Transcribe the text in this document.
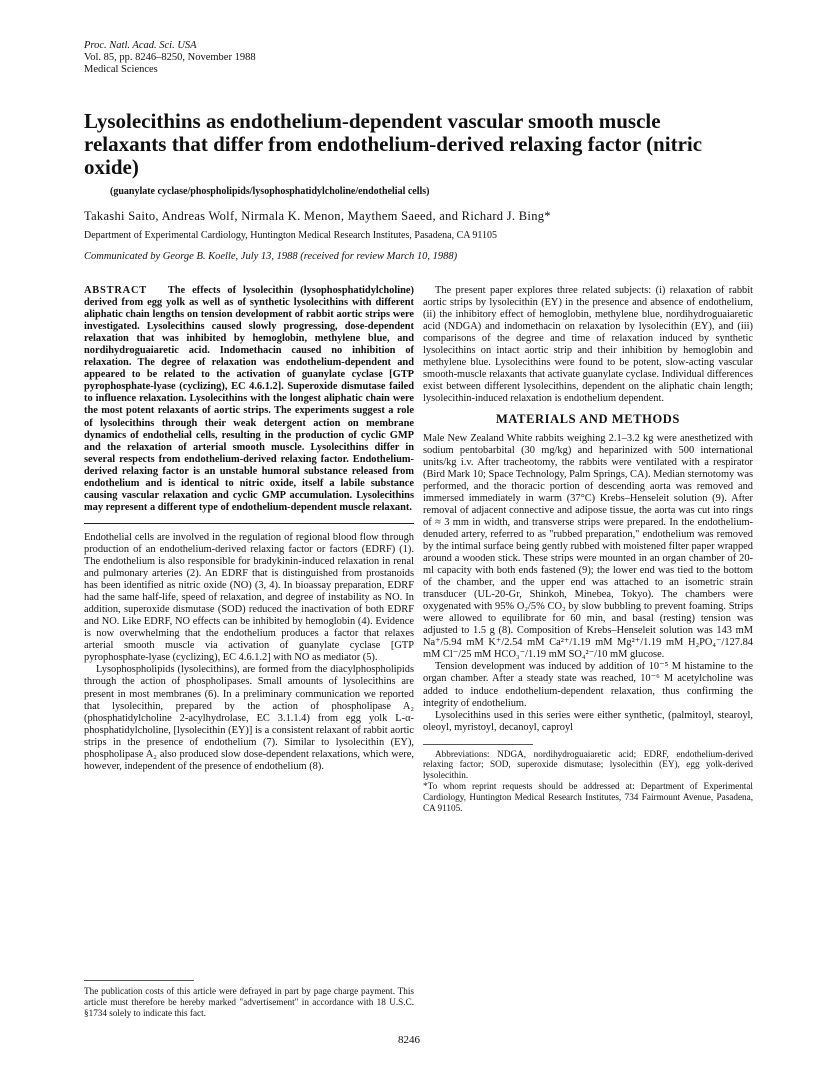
Proc. Natl. Acad. Sci. USA
Vol. 85, pp. 8246–8250, November 1988
Medical Sciences
Lysolecithins as endothelium-dependent vascular smooth muscle relaxants that differ from endothelium-derived relaxing factor (nitric oxide)
(guanylate cyclase/phospholipids/lysophosphatidylcholine/endothelial cells)
Takashi Saito, Andreas Wolf, Nirmala K. Menon, Maythem Saeed, and Richard J. Bing*
Department of Experimental Cardiology, Huntington Medical Research Institutes, Pasadena, CA 91105
Communicated by George B. Koelle, July 13, 1988 (received for review March 10, 1988)

ABSTRACT The effects of lysolecithin (lysophosphatidylcholine) derived from egg yolk as well as of synthetic lysolecithins with different aliphatic chain lengths on tension development of rabbit aortic strips were investigated. Lysolecithins caused slowly progressing, dose-dependent relaxation that was inhibited by hemoglobin, methylene blue, and nordihydroguaiaretic acid. Indomethacin caused no inhibition of relaxation. The degree of relaxation was endothelium-dependent and appeared to be related to the activation of guanylate cyclase [GTP pyrophosphate-lyase (cyclizing), EC 4.6.1.2]. Superoxide dismutase failed to influence relaxation. Lysolecithins with the longest aliphatic chain were the most potent relaxants of aortic strips. The experiments suggest a role of lysolecithins through their weak detergent action on membrane dynamics of endothelial cells, resulting in the production of cyclic GMP and the relaxation of arterial smooth muscle. Lysolecithins differ in several respects from endothelium-derived relaxing factor. Endothelium-derived relaxing factor is an unstable humoral substance released from endothelium and is identical to nitric oxide, itself a labile substance causing vascular relaxation and cyclic GMP accumulation. Lysolecithins may represent a different type of endothelium-dependent muscle relaxant.

Endothelial cells are involved in the regulation of regional blood flow through production of an endothelium-derived relaxing factor or factors (EDRF) (1). The endothelium is also responsible for bradykinin-induced relaxation in renal and pulmonary arteries (2). An EDRF that is distinguished from prostanoids has been identified as nitric oxide (NO) (3, 4). In bioassay preparation, EDRF had the same half-life, speed of relaxation, and degree of instability as NO. In addition, superoxide dismutase (SOD) reduced the inactivation of both EDRF and NO. Like EDRF, NO effects can be inhibited by hemoglobin (4). Evidence is now overwhelming that the endothelium produces a factor that relaxes arterial smooth muscle via activation of guanylate cyclase [GTP pyrophosphate-lyase (cyclizing), EC 4.6.1.2] with NO as mediator (5).

Lysophospholipids (lysolecithins), are formed from the diacylphospholipids through the action of phospholipases. Small amounts of lysolecithins are present in most membranes (6). In a preliminary communication we reported that lysolecithin, prepared by the action of phospholipase A₂ (phosphatidylcholine 2-acylhydrolase, EC 3.1.1.4) from egg yolk L-α-phosphatidylcholine, [lysolecithin (EY)] is a consistent relaxant of rabbit aortic strips in the presence of endothelium (7). Similar to lysolecithin (EY), phospholipase A₂ also produced slow dose-dependent relaxations, which were, however, independent of the presence of endothelium (8).

The publication costs of this article were defrayed in part by page charge payment. This article must therefore be hereby marked "advertisement" in accordance with 18 U.S.C. §1734 solely to indicate this fact.

The present paper explores three related subjects: (i) relaxation of rabbit aortic strips by lysolecithin (EY) in the presence and absence of endothelium, (ii) the inhibitory effect of hemoglobin, methylene blue, nordihydroguaiaretic acid (NDGA) and indomethacin on relaxation by lysolecithin (EY), and (iii) comparisons of the degree and time of relaxation induced by synthetic lysolecithins on intact aortic strip and their inhibition by hemoglobin and methylene blue. Lysolecithins were found to be potent, slow-acting vascular smooth-muscle relaxants that activate guanylate cyclase. Individual differences exist between different lysolecithins, dependent on the aliphatic chain length; lysolecithin-induced relaxation is endothelium dependent.

MATERIALS AND METHODS

Male New Zealand White rabbits weighing 2.1–3.2 kg were anesthetized with sodium pentobarbital (30 mg/kg) and heparinized with 500 international units/kg i.v. After tracheotomy, the rabbits were ventilated with a respirator (Bird Mark 10; Space Technology, Palm Springs, CA). Median sternotomy was performed, and the thoracic portion of descending aorta was removed and immersed immediately in warm (37°C) Krebs–Henseleit solution (9). After removal of adjacent connective and adipose tissue, the aorta was cut into rings of ≈ 3 mm in width, and transverse strips were prepared. In the endothelium-denuded artery, referred to as "rubbed preparation," endothelium was removed by the intimal surface being gently rubbed with moistened filter paper wrapped around a wooden stick. These strips were mounted in an organ chamber of 20-ml capacity with both ends fastened (9); the lower end was tied to the bottom of the chamber, and the upper end was attached to an isometric strain transducer (UL-20-Gr, Shinkoh, Minebea, Tokyo). The chambers were oxygenated with 95% O₂/5% CO₂ by slow bubbling to prevent foaming. Strips were allowed to equilibrate for 60 min, and basal (resting) tension was adjusted to 1.5 g (8). Composition of Krebs–Henseleit solution was 143 mM Na⁺/5.94 mM K⁺/2.54 mM Ca²⁺/1.19 mM Mg²⁺/1.19 mM H₂PO₄⁻/127.84 mM Cl⁻/25 mM HCO₃⁻/1.19 mM SO₄²⁻/10 mM glucose.

Tension development was induced by addition of 10⁻⁵ M histamine to the organ chamber. After a steady state was reached, 10⁻⁶ M acetylcholine was added to induce endothelium-dependent relaxation, thus confirming the integrity of endothelium.

Lysolecithins used in this series were either synthetic, (palmitoyl, stearoyl, oleoyl, myristoyl, decanoyl, caproyl

Abbreviations: NDGA, nordihydroguaiaretic acid; EDRF, endothelium-derived relaxing factor; SOD, superoxide dismutase; lysolecithin (EY), egg yolk-derived lysolecithin.

*To whom reprint requests should be addressed at: Department of Experimental Cardiology, Huntington Medical Research Institutes, 734 Fairmount Avenue, Pasadena, CA 91105.

8246
